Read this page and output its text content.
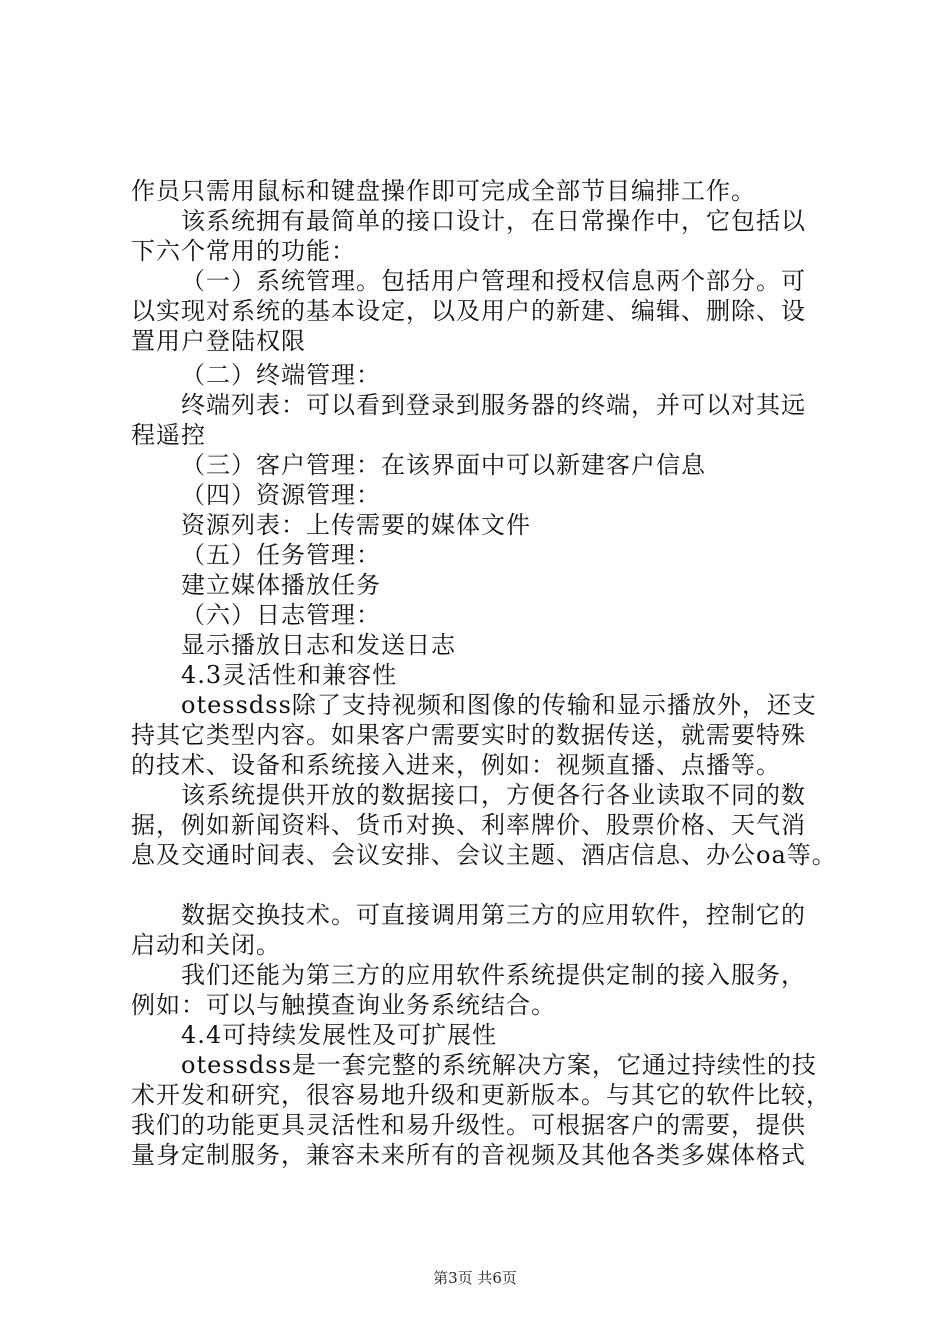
作员只需用鼠标和键盘操作即可完成全部节目编排工作。
该系统拥有最简单的接口设计，在日常操作中，它包括以
下六个常用的功能：
（一）系统管理。包括用户管理和授权信息两个部分。可
以实现对系统的基本设定，以及用户的新建、编辑、删除、设
置用户登陆权限
（二）终端管理：
终端列表：可以看到登录到服务器的终端，并可以对其远
程遥控
（三）客户管理：在该界面中可以新建客户信息
（四）资源管理：
资源列表：上传需要的媒体文件
（五）任务管理：
建立媒体播放任务
（六）日志管理：
显示播放日志和发送日志
4.3灵活性和兼容性
otessdss除了支持视频和图像的传输和显示播放外，还支
持其它类型内容。如果客户需要实时的数据传送，就需要特殊
的技术、设备和系统接入进来，例如：视频直播、点播等。
该系统提供开放的数据接口，方便各行各业读取不同的数
据，例如新闻资料、货币对换、利率牌价、股票价格、天气消
息及交通时间表、会议安排、会议主题、酒店信息、办公oa等。
数据交换技术。可直接调用第三方的应用软件，控制它的
启动和关闭。
我们还能为第三方的应用软件系统提供定制的接入服务，
例如：可以与触摸查询业务系统结合。
4.4可持续发展性及可扩展性
otessdss是一套完整的系统解决方案，它通过持续性的技
术开发和研究，很容易地升级和更新版本。与其它的软件比较，
我们的功能更具灵活性和易升级性。可根据客户的需要，提供
量身定制服务，兼容未来所有的音视频及其他各类多媒体格式
第3页 共6页
